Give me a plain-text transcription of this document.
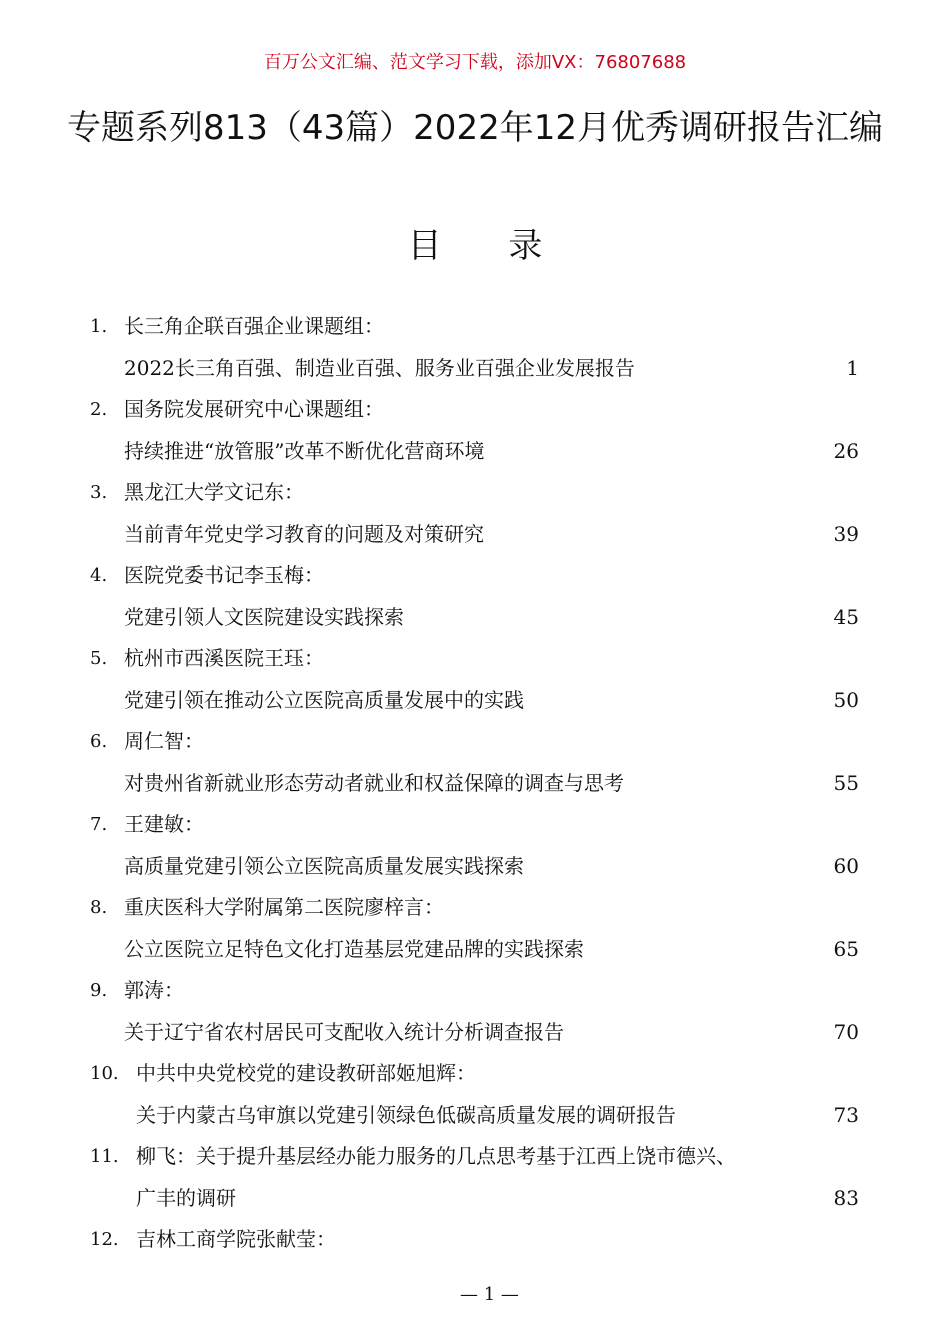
百万公文汇编、范文学习下载，添加VX：76807688
专题系列813（43篇）2022年12月优秀调研报告汇编
目 录
1. 长三角企联百强企业课题组：
2022长三角百强、制造业百强、服务业百强企业发展报告	1
2. 国务院发展研究中心课题组：
持续推进“放管服”改革不断优化营商环境	26
3. 黑龙江大学文记东：
当前青年党史学习教育的问题及对策研究	39
4. 医院党委书记李玉梅：
党建引领人文医院建设实践探索	45
5. 杭州市西溪医院王珏：
党建引领在推动公立医院高质量发展中的实践	50
6. 周仁智：
对贵州省新就业形态劳动者就业和权益保障的调查与思考	55
7. 王建敏：
高质量党建引领公立医院高质量发展实践探索	60
8. 重庆医科大学附属第二医院廖梓言：
公立医院立足特色文化打造基层党建品牌的实践探索	65
9. 郭涛：
关于辽宁省农村居民可支配收入统计分析调查报告	70
10. 中共中央党校党的建设教研部姬旭辉：
关于内蒙古乌审旗以党建引领绿色低碳高质量发展的调研报告	73
11. 柳飞：关于提升基层经办能力服务的几点思考基于江西上饶市德兴、
广丰的调研	83
12. 吉林工商学院张献莹：
— 1 —
